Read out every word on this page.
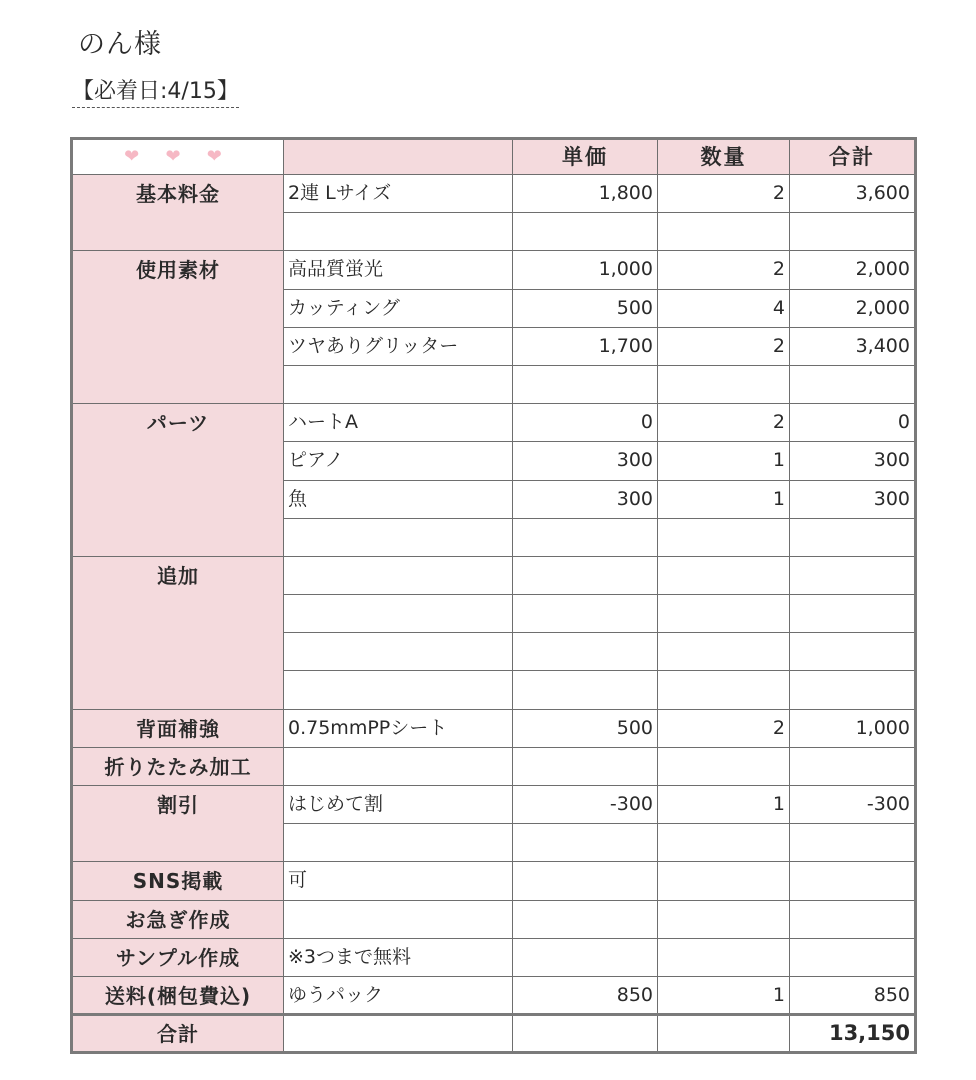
のん様
【必着日:4/15】
❤ ❤ ❤		単価	数量	合計
基本料金	2連 Lサイズ	1,800	2	3,600

使用素材	高品質蛍光	1,000	2	2,000
	カッティング	500	4	2,000
	ツヤありグリッター	1,700	2	3,400

パーツ	ハートA	0	2	0
	ピアノ	300	1	300
	魚	300	1	300

追加				

背面補強	0.75mmPPシート	500	2	1,000
折りたたみ加工				
割引	はじめて割	-300	1	-300

SNS掲載	可			
お急ぎ作成				
サンプル作成	※3つまで無料			
送料(梱包費込)	ゆうパック	850	1	850
合計				13,150
